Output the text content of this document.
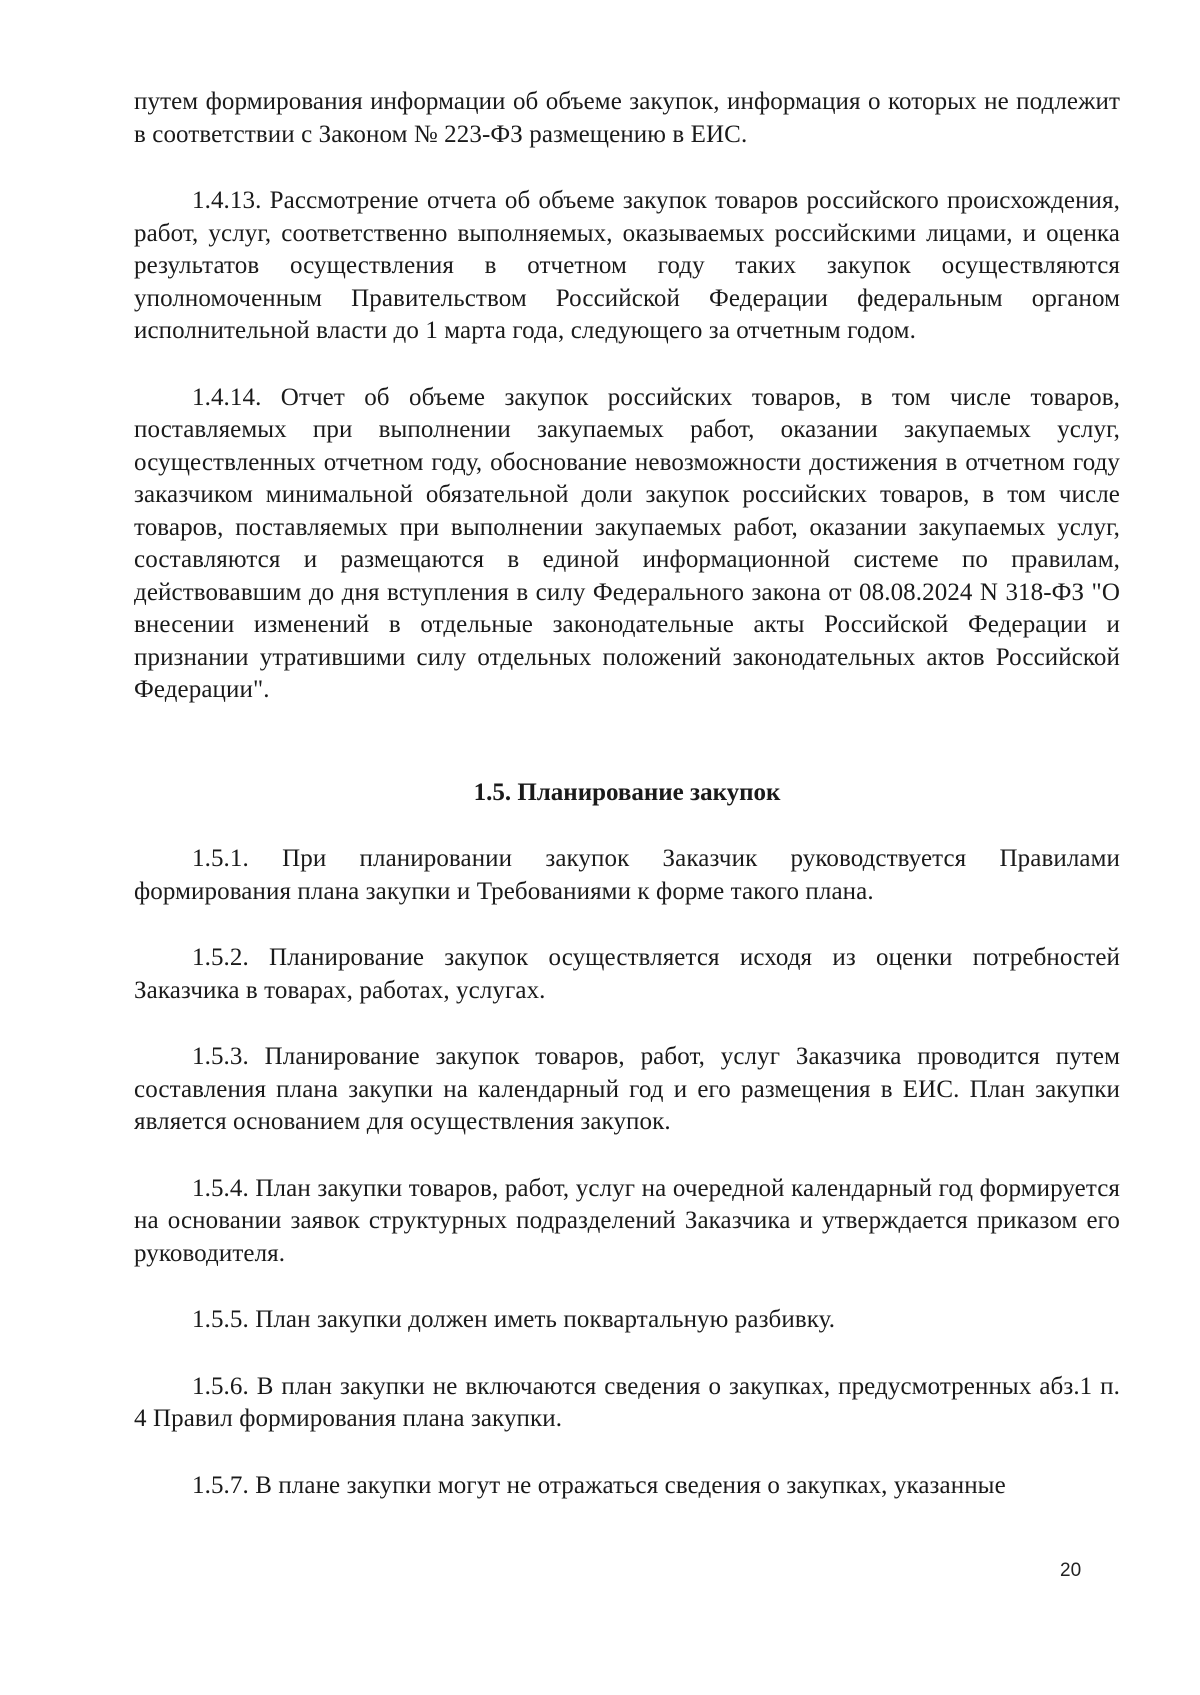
путем формирования информации об объеме закупок, информация о которых не подлежит в соответствии с Законом № 223-ФЗ размещению в ЕИС.

1.4.13. Рассмотрение отчета об объеме закупок товаров российского происхождения, работ, услуг, соответственно выполняемых, оказываемых российскими лицами, и оценка результатов осуществления в отчетном году таких закупок осуществляются уполномоченным Правительством Российской Федерации федеральным органом исполнительной власти до 1 марта года, следующего за отчетным годом.

1.4.14. Отчет об объеме закупок российских товаров, в том числе товаров, поставляемых при выполнении закупаемых работ, оказании закупаемых услуг, осуществленных отчетном году, обоснование невозможности достижения в отчетном году заказчиком минимальной обязательной доли закупок российских товаров, в том числе товаров, поставляемых при выполнении закупаемых работ, оказании закупаемых услуг, составляются и размещаются в единой информационной системе по правилам, действовавшим до дня вступления в силу Федерального закона от 08.08.2024 N 318-ФЗ "О внесении изменений в отдельные законодательные акты Российской Федерации и признании утратившими силу отдельных положений законодательных актов Российской Федерации".

1.5. Планирование закупок

1.5.1. При планировании закупок Заказчик руководствуется Правилами формирования плана закупки и Требованиями к форме такого плана.

1.5.2. Планирование закупок осуществляется исходя из оценки потребностей Заказчика в товарах, работах, услугах.

1.5.3. Планирование закупок товаров, работ, услуг Заказчика проводится путем составления плана закупки на календарный год и его размещения в ЕИС. План закупки является основанием для осуществления закупок.

1.5.4. План закупки товаров, работ, услуг на очередной календарный год формируется на основании заявок структурных подразделений Заказчика и утверждается приказом его руководителя.

1.5.5. План закупки должен иметь поквартальную разбивку.

1.5.6. В план закупки не включаются сведения о закупках, предусмотренных абз.1 п. 4 Правил формирования плана закупки.

1.5.7. В плане закупки могут не отражаться сведения о закупках, указанные

20
